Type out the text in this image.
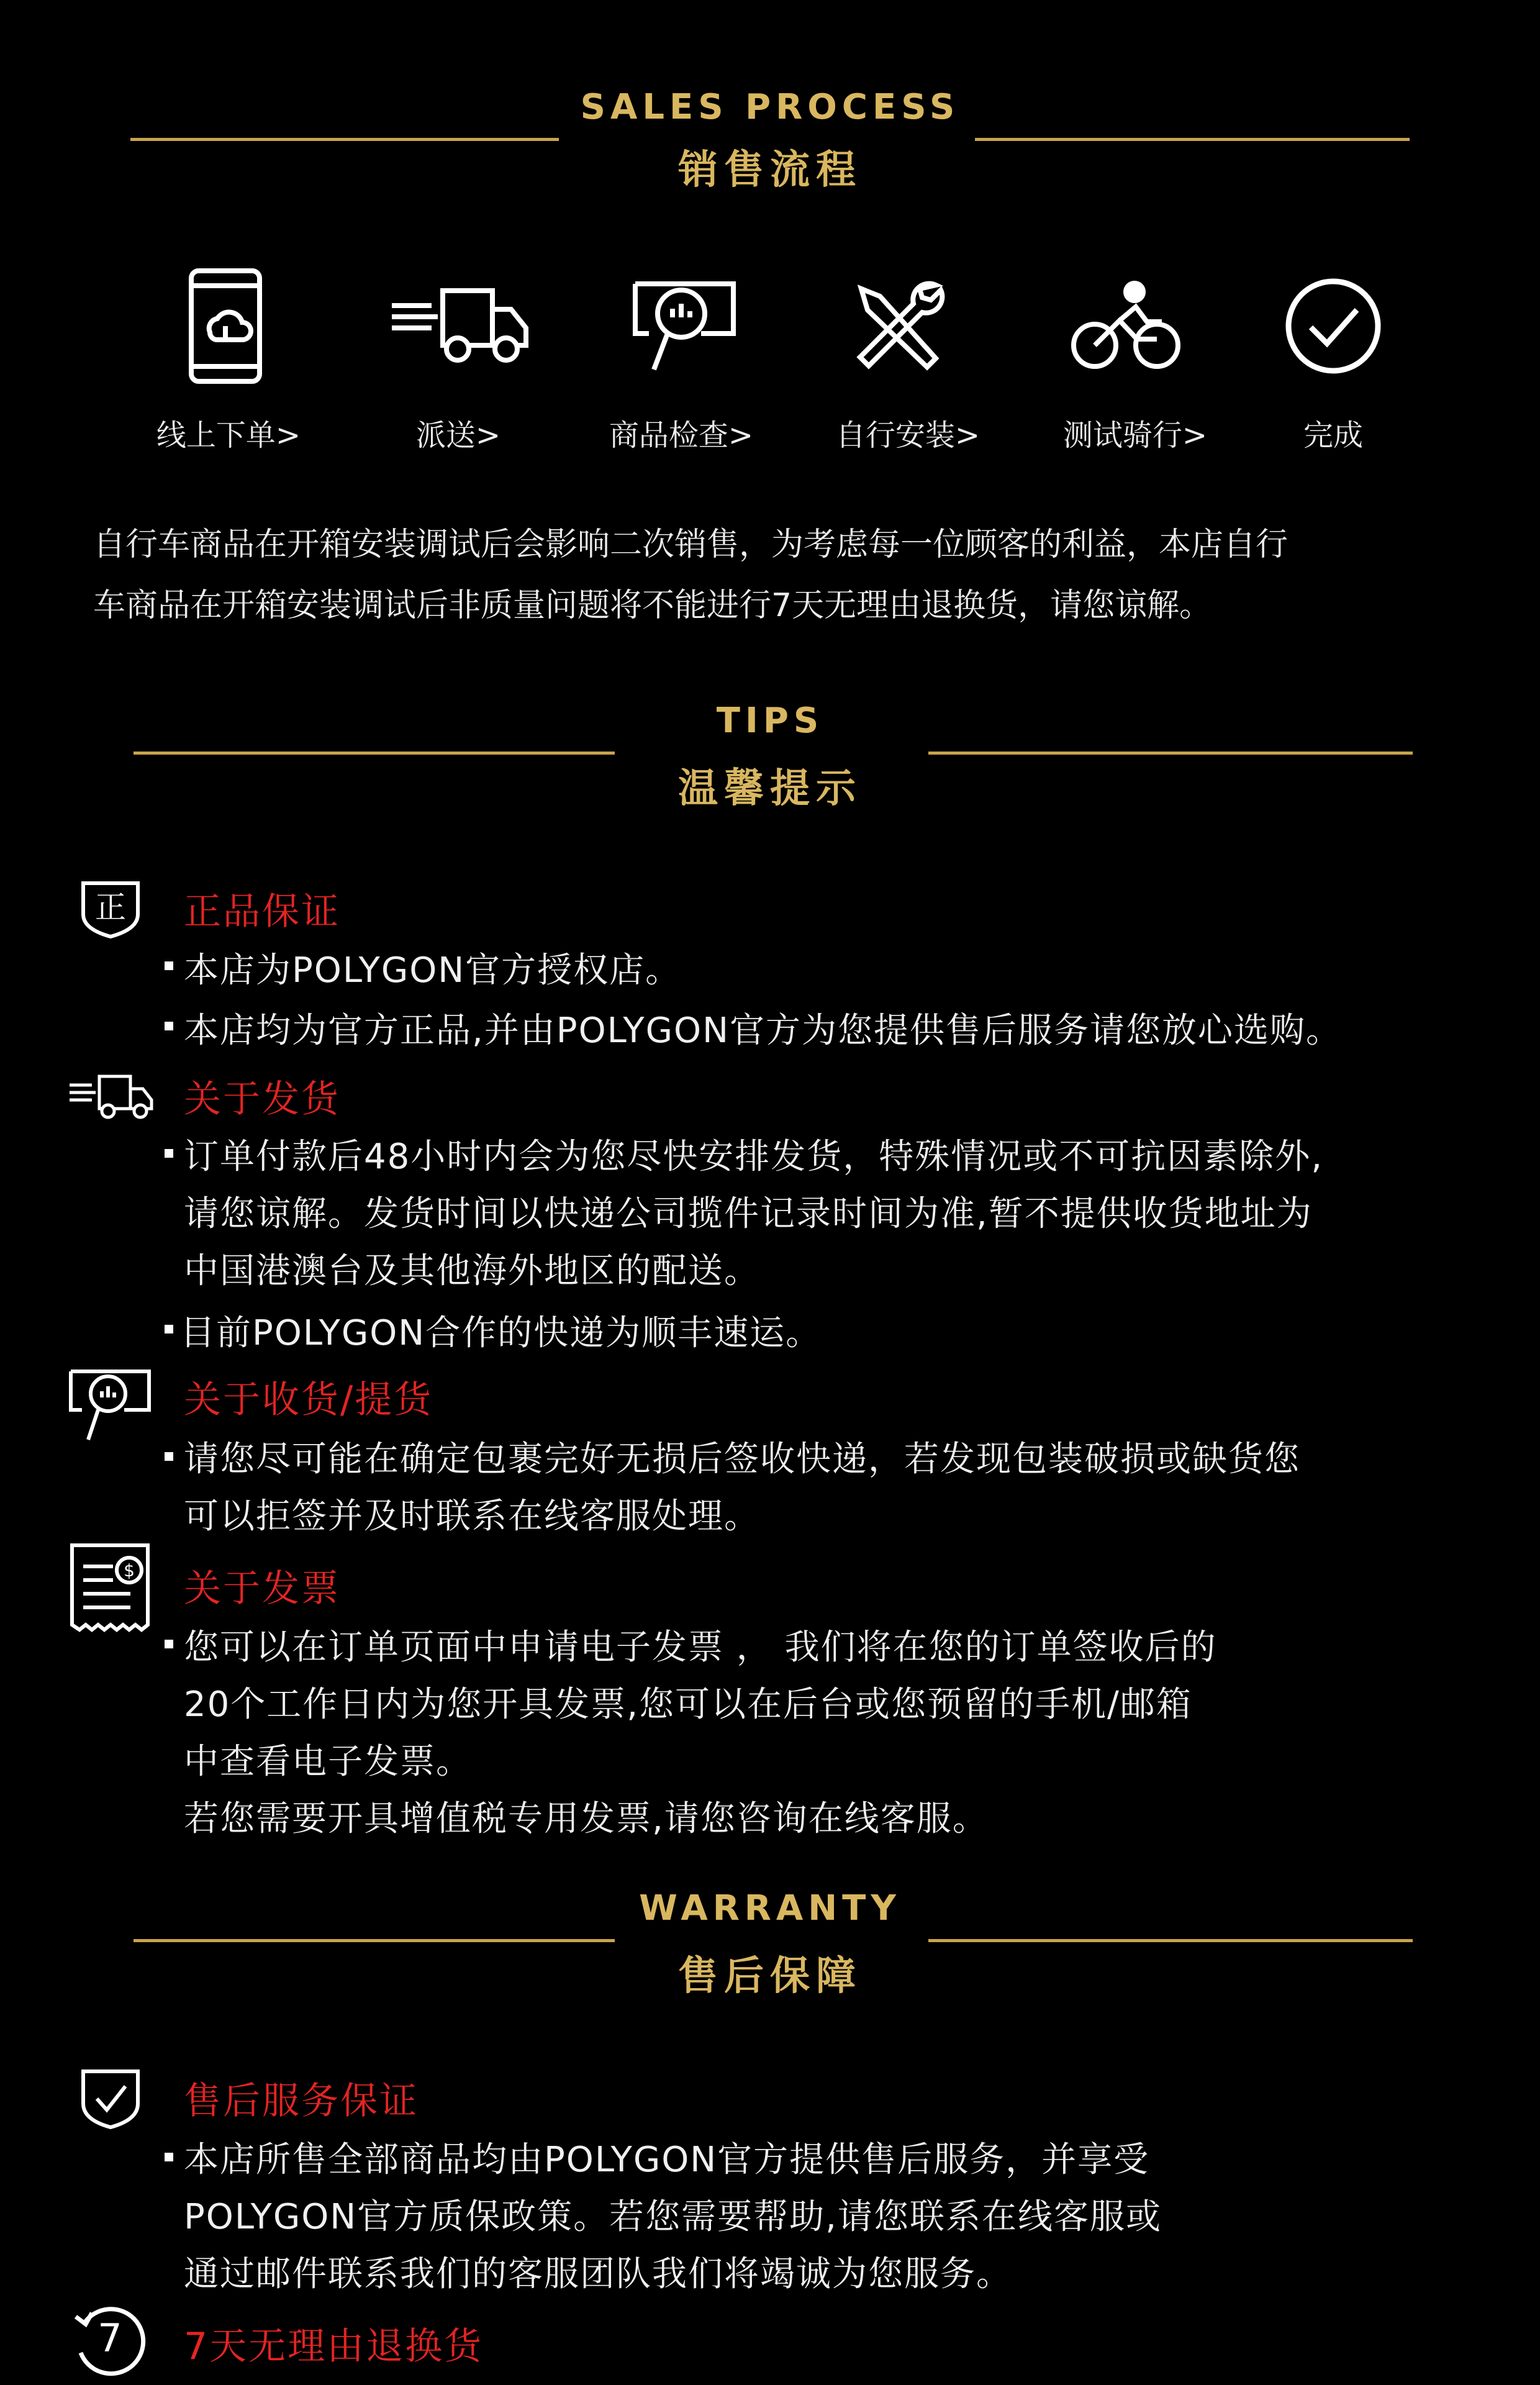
SALES PROCESS
销售流程
线上下单>	派送>	商品检查>	自行安装>	测试骑行>	完成
自行车商品在开箱安装调试后会影响二次销售，为考虑每一位顾客的利益，本店自行
车商品在开箱安装调试后非质量问题将不能进行7天无理由退换货，请您谅解。
TIPS
温馨提示
正 正品保证
本店为POLYGON官方授权店。
本店均为官方正品,并由POLYGON官方为您提供售后服务请您放心选购。
关于发货
订单付款后48小时内会为您尽快安排发货，特殊情况或不可抗因素除外,
请您谅解。发货时间以快递公司揽件记录时间为准,暂不提供收货地址为
中国港澳台及其他海外地区的配送。
目前POLYGON合作的快递为顺丰速运。
关于收货/提货
请您尽可能在确定包裹完好无损后签收快递，若发现包装破损或缺货您
可以拒签并及时联系在线客服处理。
$ 关于发票
您可以在订单页面中申请电子发票 ， 我们将在您的订单签收后的
20个工作日内为您开具发票,您可以在后台或您预留的手机/邮箱
中查看电子发票。
若您需要开具增值税专用发票,请您咨询在线客服。
WARRANTY
售后保障
售后服务保证
本店所售全部商品均由POLYGON官方提供售后服务，并享受
POLYGON官方质保政策。若您需要帮助,请您联系在线客服或
通过邮件联系我们的客服团队我们将竭诚为您服务。
7 7天无理由退换货
